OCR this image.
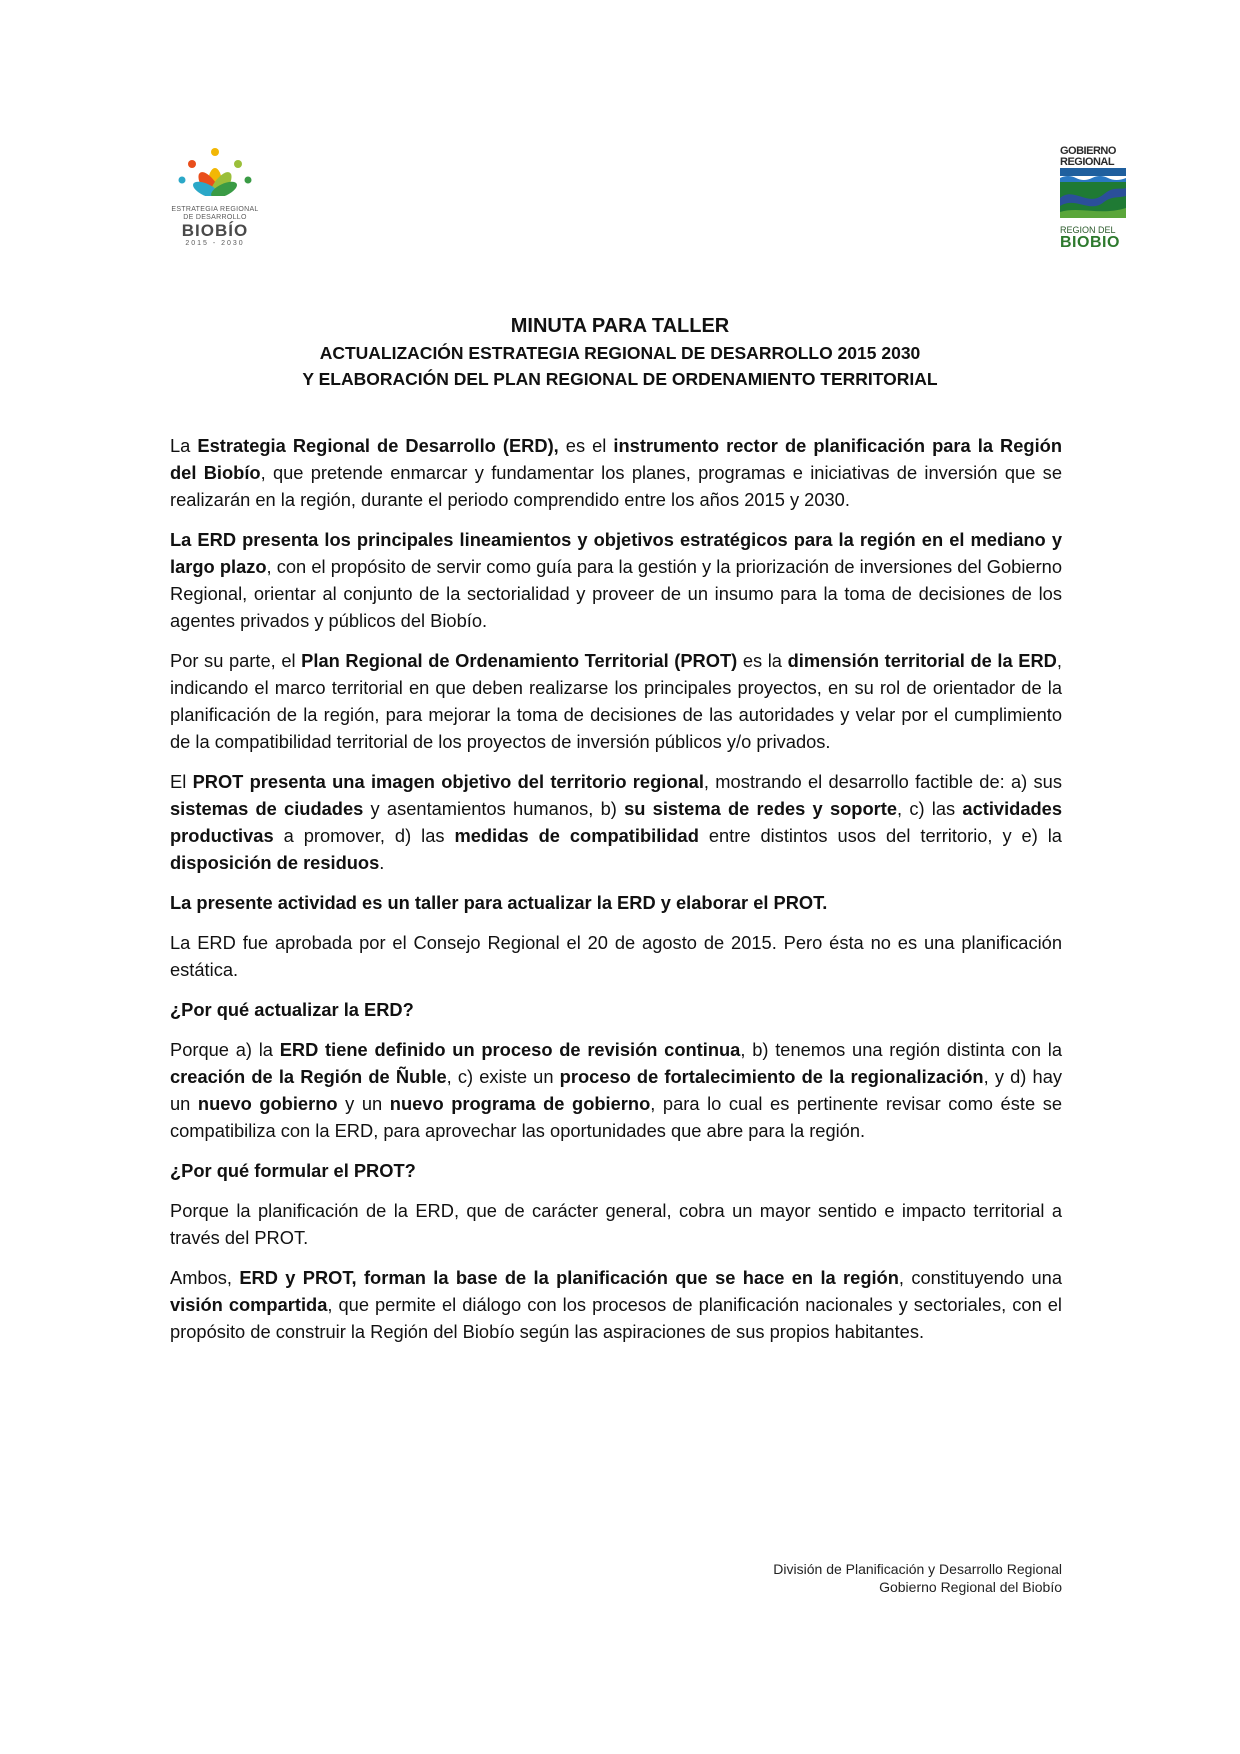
ESTRATEGIA REGIONAL
DE DESARROLLO
BIOBÍO
2015 - 2030
GOBIERNO
REGIONAL
REGION DEL
BIOBIO
MINUTA PARA TALLER
ACTUALIZACIÓN ESTRATEGIA REGIONAL DE DESARROLLO 2015 2030
Y ELABORACIÓN DEL PLAN REGIONAL DE ORDENAMIENTO TERRITORIAL

La Estrategia Regional de Desarrollo (ERD), es el instrumento rector de planificación para la Región del Biobío, que pretende enmarcar y fundamentar los planes, programas e iniciativas de inversión que se realizarán en la región, durante el periodo comprendido entre los años 2015 y 2030.

La ERD presenta los principales lineamientos y objetivos estratégicos para la región en el mediano y largo plazo, con el propósito de servir como guía para la gestión y la priorización de inversiones del Gobierno Regional, orientar al conjunto de la sectorialidad y proveer de un insumo para la toma de decisiones de los agentes privados y públicos del Biobío.

Por su parte, el Plan Regional de Ordenamiento Territorial (PROT) es la dimensión territorial de la ERD, indicando el marco territorial en que deben realizarse los principales proyectos, en su rol de orientador de la planificación de la región, para mejorar la toma de decisiones de las autoridades y velar por el cumplimiento de la compatibilidad territorial de los proyectos de inversión públicos y/o privados.

El PROT presenta una imagen objetivo del territorio regional, mostrando el desarrollo factible de: a) sus sistemas de ciudades y asentamientos humanos, b) su sistema de redes y soporte, c) las actividades productivas a promover, d) las medidas de compatibilidad entre distintos usos del territorio, y e) la disposición de residuos.

La presente actividad es un taller para actualizar la ERD y elaborar el PROT.

La ERD fue aprobada por el Consejo Regional el 20 de agosto de 2015. Pero ésta no es una planificación estática.

¿Por qué actualizar la ERD?

Porque a) la ERD tiene definido un proceso de revisión continua, b) tenemos una región distinta con la creación de la Región de Ñuble, c) existe un proceso de fortalecimiento de la regionalización, y d) hay un nuevo gobierno y un nuevo programa de gobierno, para lo cual es pertinente revisar como éste se compatibiliza con la ERD, para aprovechar las oportunidades que abre para la región.

¿Por qué formular el PROT?

Porque la planificación de la ERD, que de carácter general, cobra un mayor sentido e impacto territorial a través del PROT.

Ambos, ERD y PROT, forman la base de la planificación que se hace en la región, constituyendo una visión compartida, que permite el diálogo con los procesos de planificación nacionales y sectoriales, con el propósito de construir la Región del Biobío según las aspiraciones de sus propios habitantes.

División de Planificación y Desarrollo Regional
Gobierno Regional del Biobío
